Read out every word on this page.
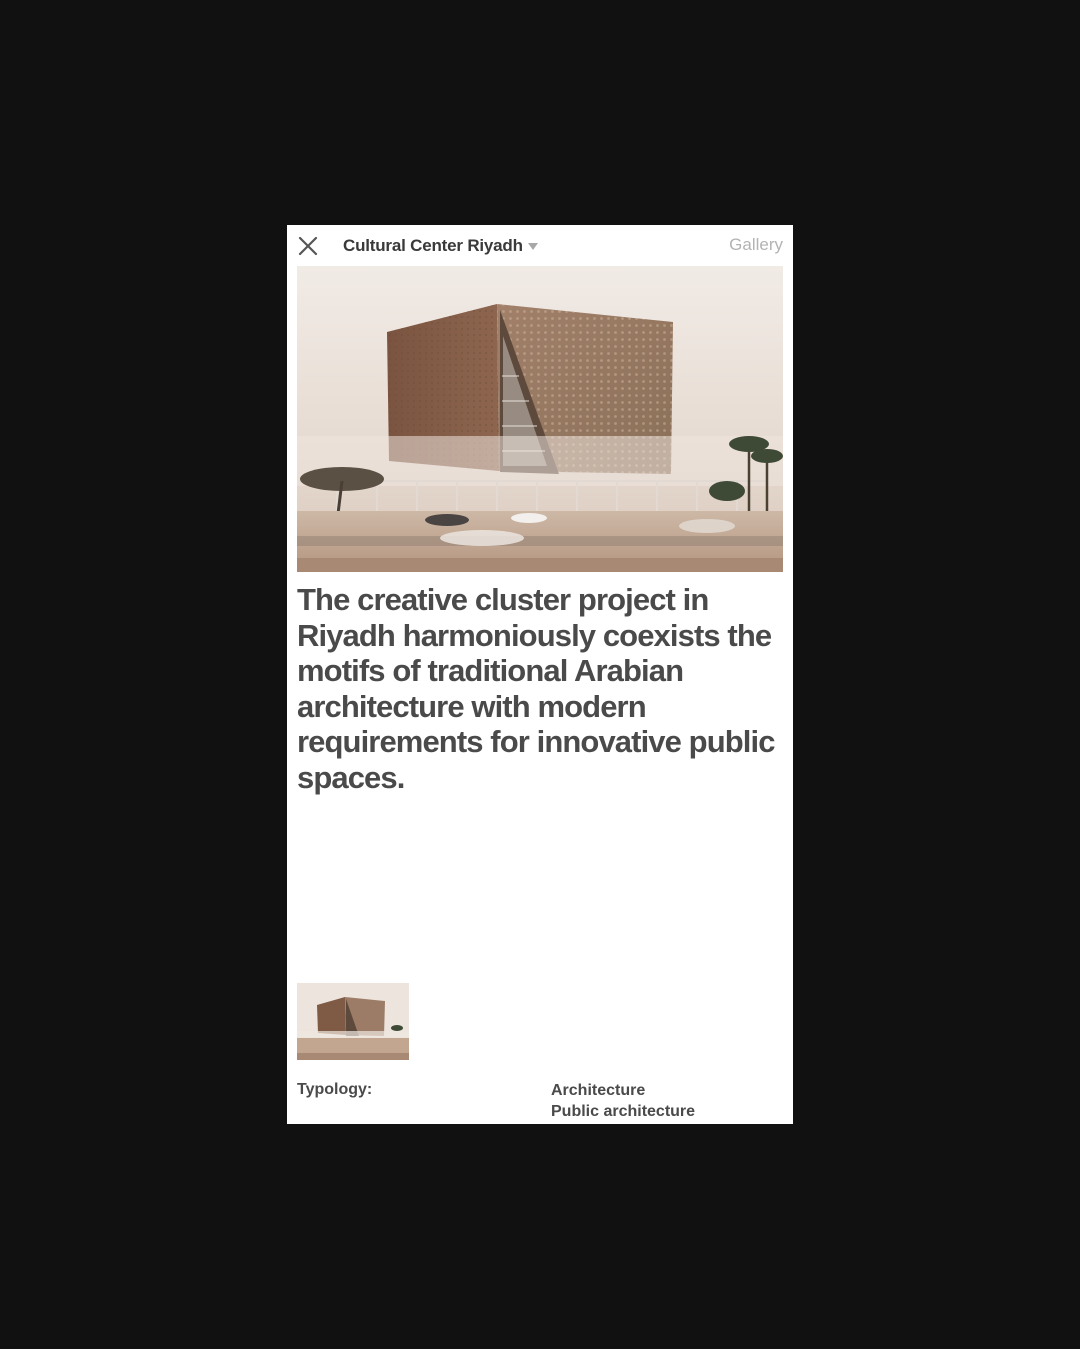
Cultural Center Riyadh	Gallery

The creative cluster project in Riyadh harmoniously coexists the motifs of traditional Arabian architecture with modern requirements for innovative public spaces.

Typology:	Architecture
Public architecture
